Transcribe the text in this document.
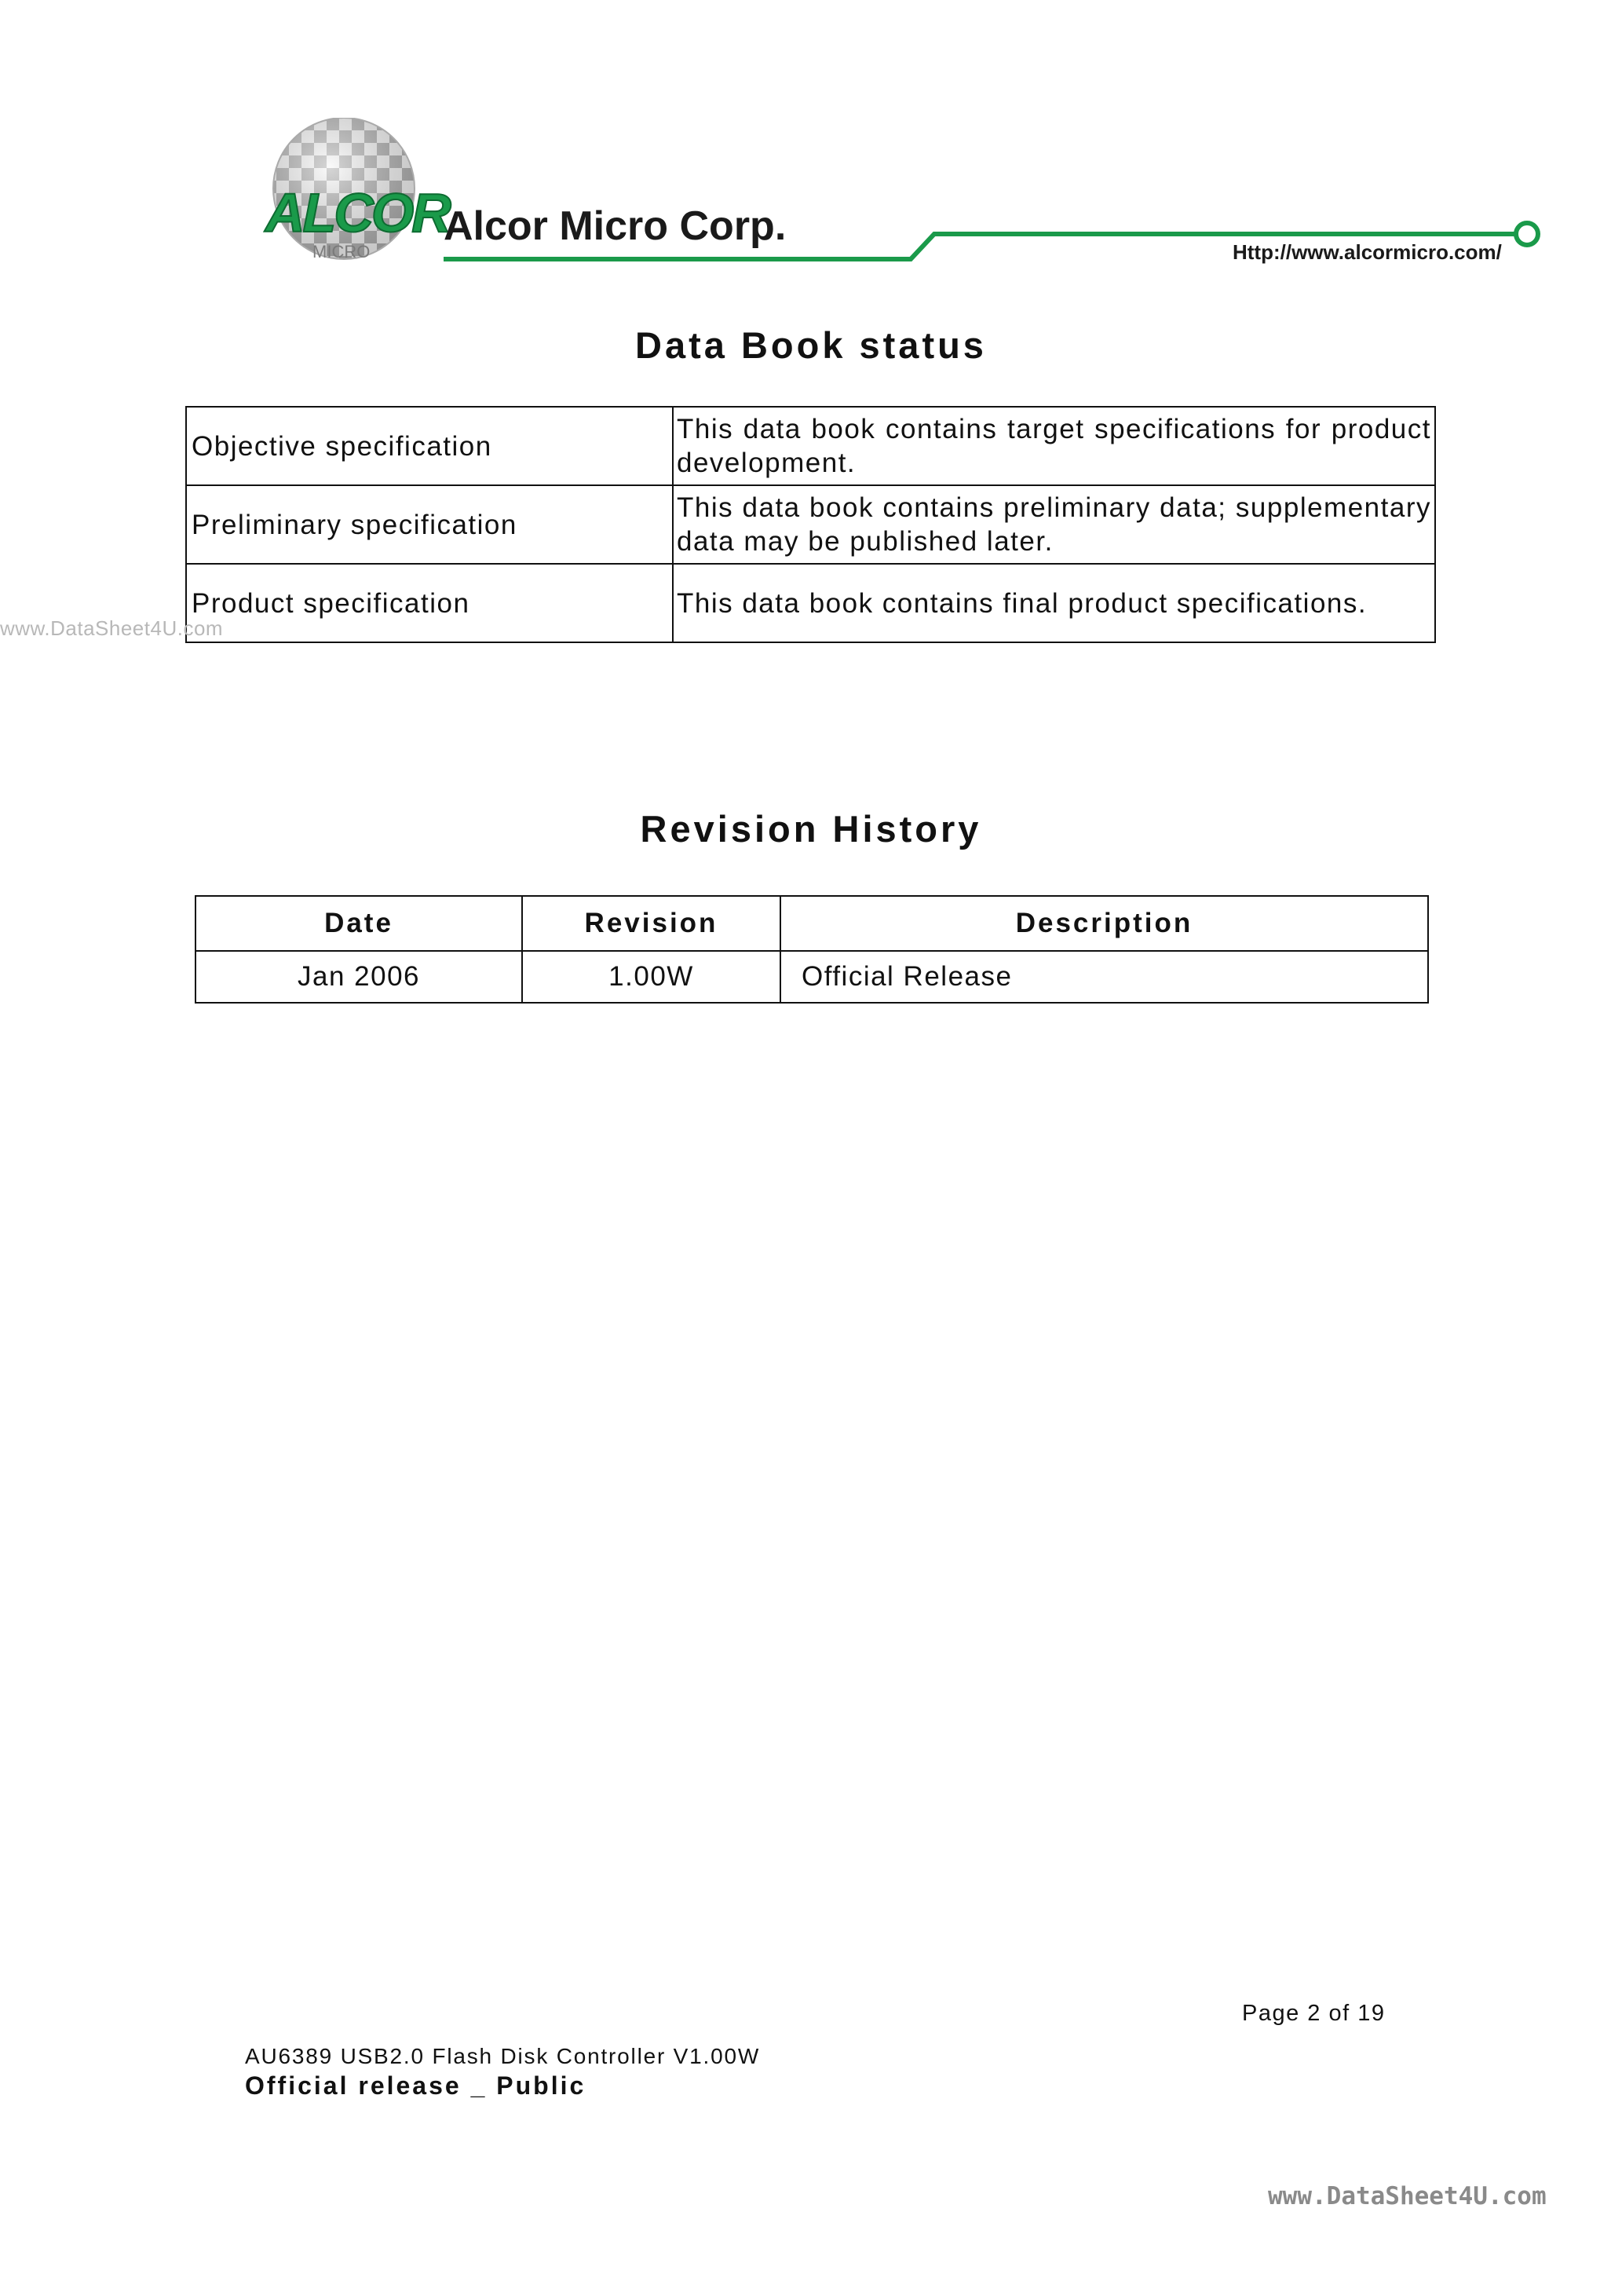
ALCOR
MICRO
Alcor Micro Corp.
Http://www.alcormicro.com/
Data Book status
Objective specification	This data book contains target specifications for product development.
Preliminary specification	This data book contains preliminary data; supplementary data may be published later.
Product specification	This data book contains final product specifications.
www.DataSheet4U.com
Revision History
Date	Revision	Description
Jan 2006	1.00W	Official Release
Page 2 of 19
AU6389 USB2.0 Flash Disk Controller V1.00W
Official release _ Public
www.DataSheet4U.com
